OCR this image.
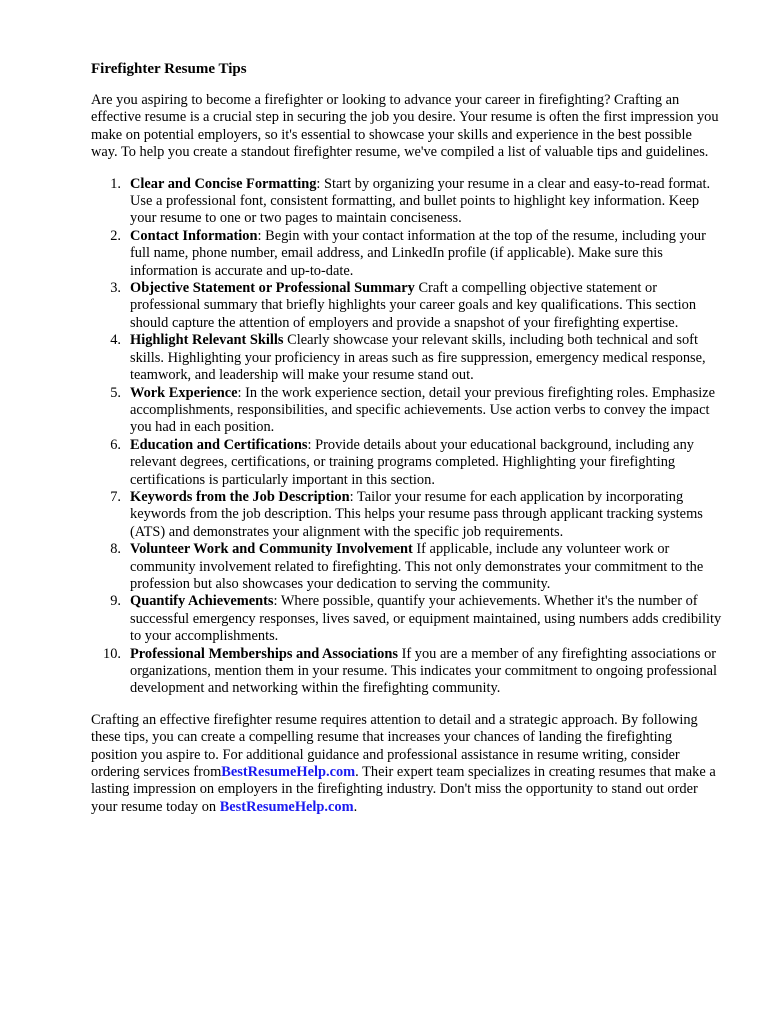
Firefighter Resume Tips

Are you aspiring to become a firefighter or looking to advance your career in firefighting? Crafting an effective resume is a crucial step in securing the job you desire. Your resume is often the first impression you make on potential employers, so it's essential to showcase your skills and experience in the best possible way. To help you create a standout firefighter resume, we've compiled a list of valuable tips and guidelines.

1. Clear and Concise Formatting: Start by organizing your resume in a clear and easy-to-read format. Use a professional font, consistent formatting, and bullet points to highlight key information. Keep your resume to one or two pages to maintain conciseness.
2. Contact Information: Begin with your contact information at the top of the resume, including your full name, phone number, email address, and LinkedIn profile (if applicable). Make sure this information is accurate and up-to-date.
3. Objective Statement or Professional Summary Craft a compelling objective statement or professional summary that briefly highlights your career goals and key qualifications. This section should capture the attention of employers and provide a snapshot of your firefighting expertise.
4. Highlight Relevant Skills Clearly showcase your relevant skills, including both technical and soft skills. Highlighting your proficiency in areas such as fire suppression, emergency medical response, teamwork, and leadership will make your resume stand out.
5. Work Experience: In the work experience section, detail your previous firefighting roles. Emphasize accomplishments, responsibilities, and specific achievements. Use action verbs to convey the impact you had in each position.
6. Education and Certifications: Provide details about your educational background, including any relevant degrees, certifications, or training programs completed. Highlighting your firefighting certifications is particularly important in this section.
7. Keywords from the Job Description: Tailor your resume for each application by incorporating keywords from the job description. This helps your resume pass through applicant tracking systems (ATS) and demonstrates your alignment with the specific job requirements.
8. Volunteer Work and Community Involvement If applicable, include any volunteer work or community involvement related to firefighting. This not only demonstrates your commitment to the profession but also showcases your dedication to serving the community.
9. Quantify Achievements: Where possible, quantify your achievements. Whether it's the number of successful emergency responses, lives saved, or equipment maintained, using numbers adds credibility to your accomplishments.
10. Professional Memberships and Associations If you are a member of any firefighting associations or organizations, mention them in your resume. This indicates your commitment to ongoing professional development and networking within the firefighting community.

Crafting an effective firefighter resume requires attention to detail and a strategic approach. By following these tips, you can create a compelling resume that increases your chances of landing the firefighting position you aspire to. For additional guidance and professional assistance in resume writing, consider ordering services fromBestResumeHelp.com. Their expert team specializes in creating resumes that make a lasting impression on employers in the firefighting industry. Don't miss the opportunity to stand out order your resume today on BestResumeHelp.com.
